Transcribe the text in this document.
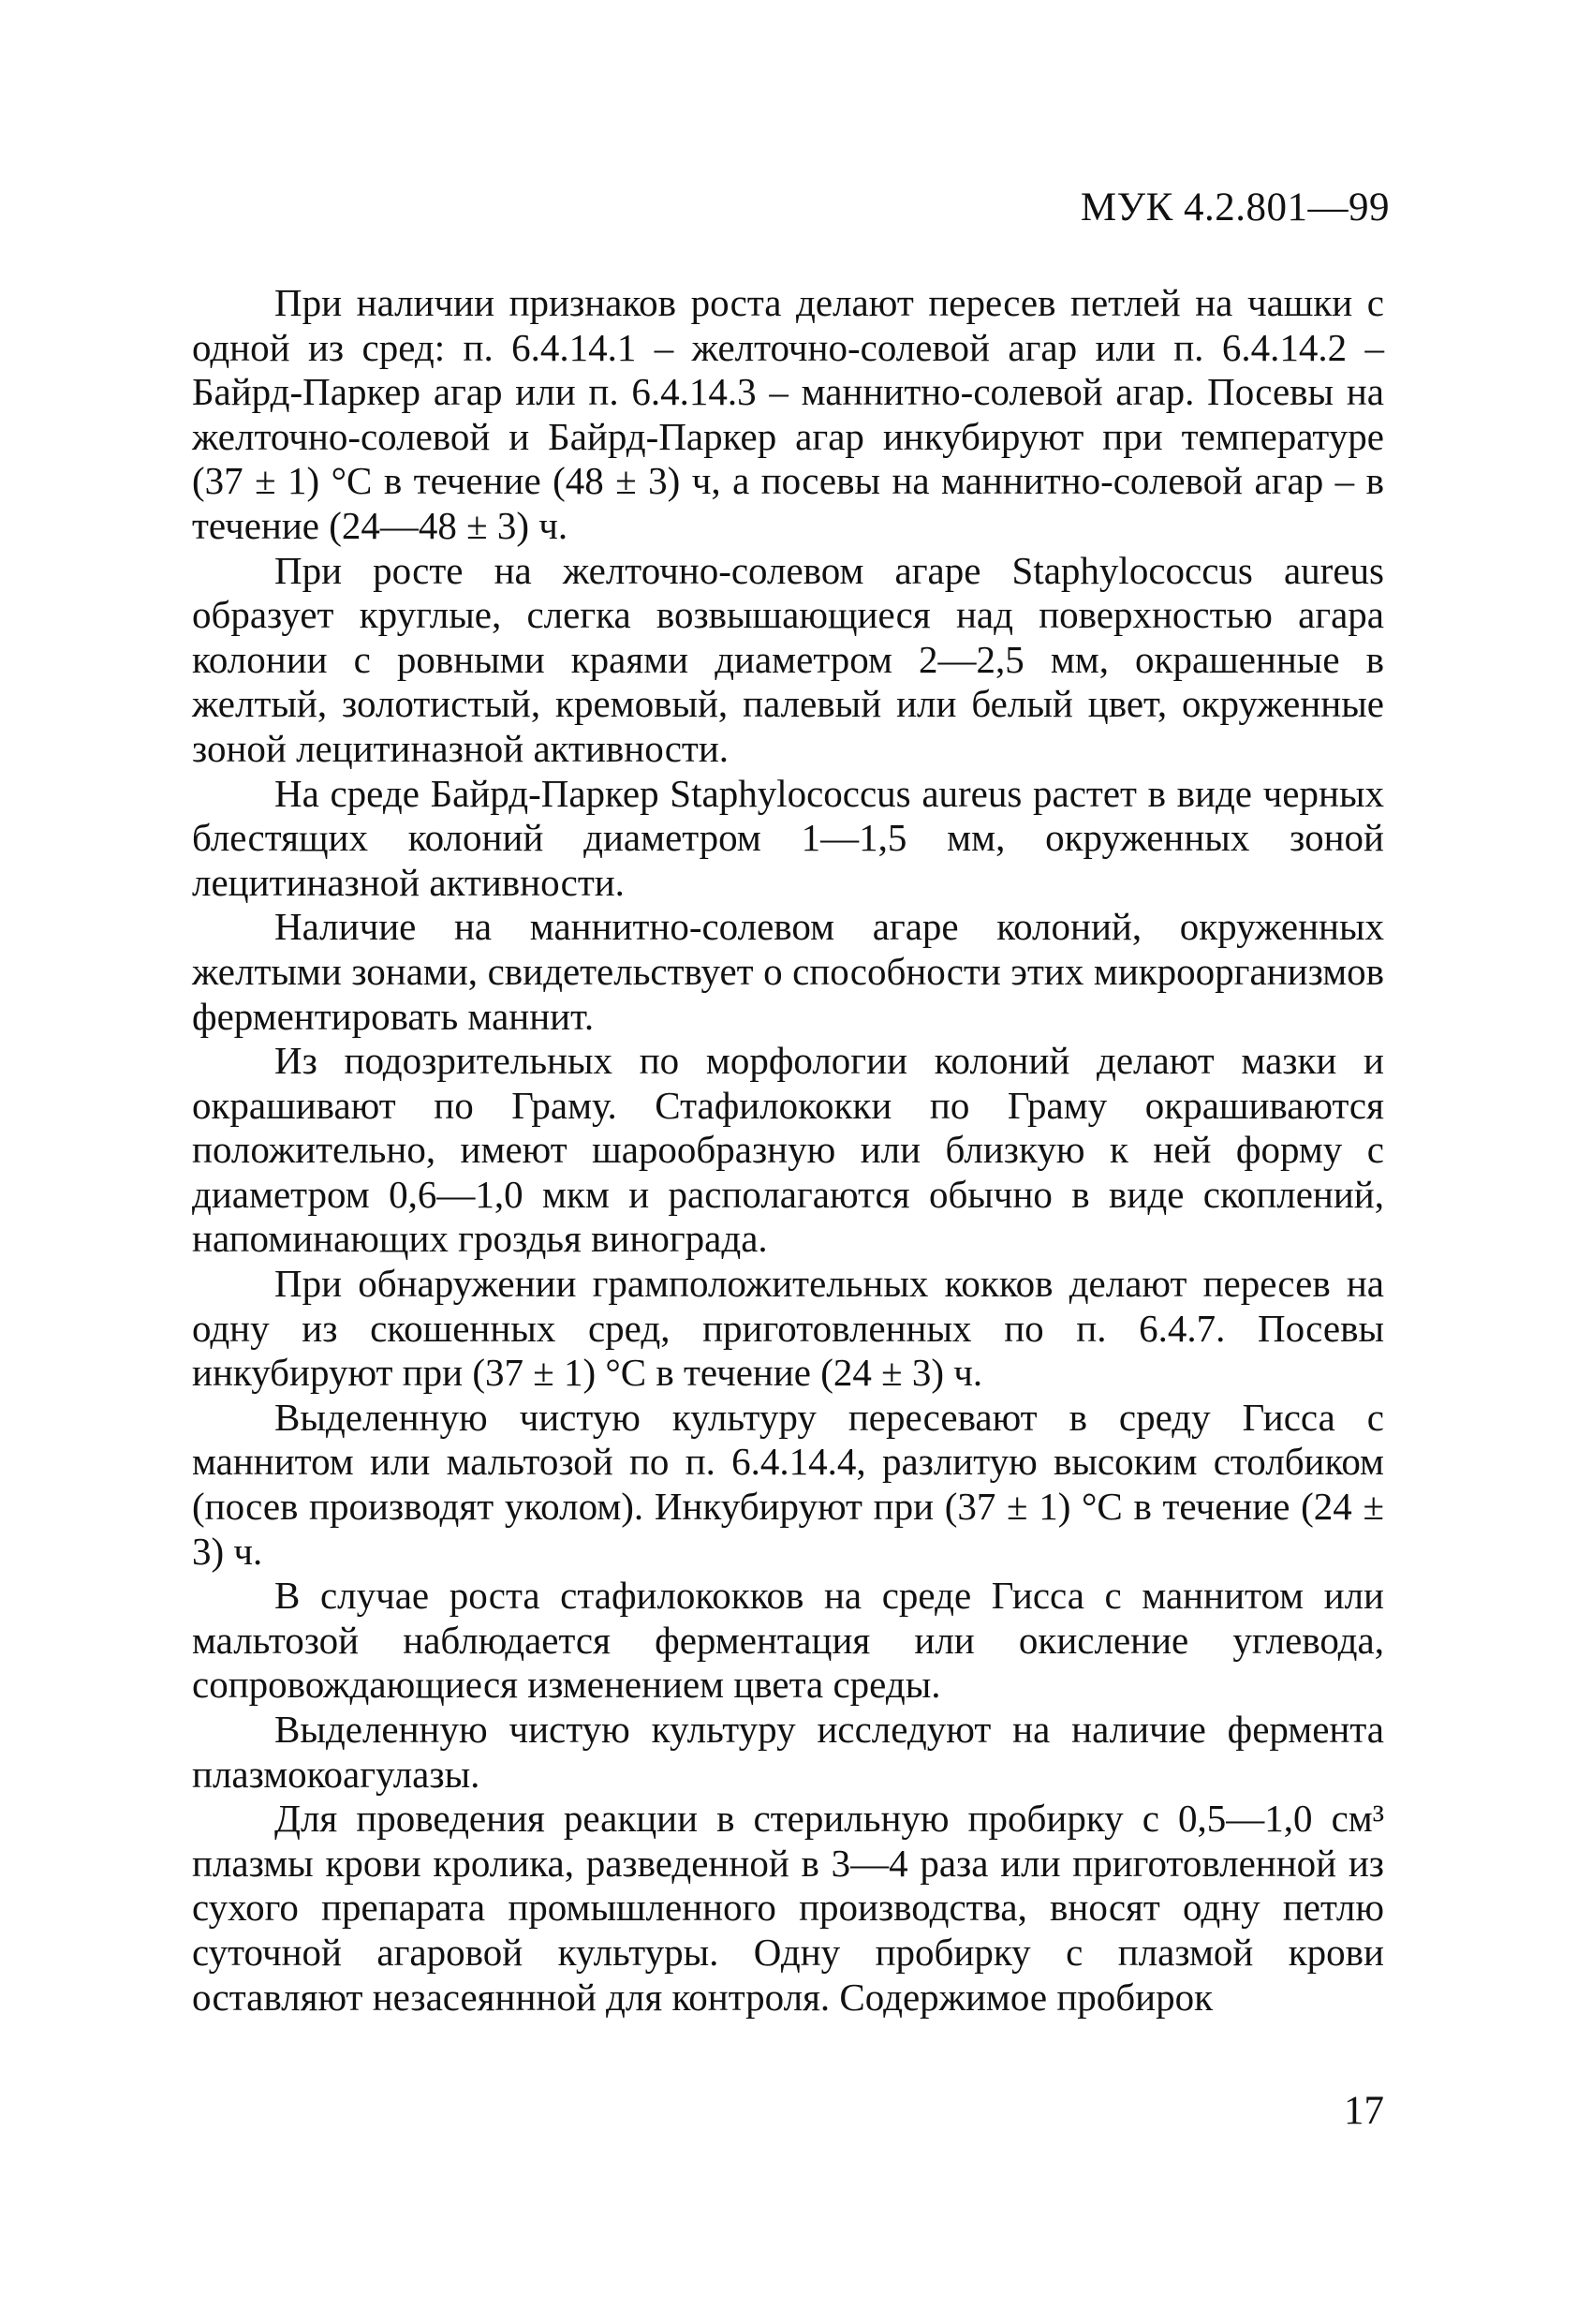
МУК 4.2.801—99

При наличии признаков роста делают пересев петлей на чашки с одной из сред: п. 6.4.14.1 – желточно-солевой агар или п. 6.4.14.2 – Байрд-Паркер агар или п. 6.4.14.3 – маннитно-солевой агар. Посевы на желточно-солевой и Байрд-Паркер агар инкубируют при температуре (37 ± 1) °С в течение (48 ± 3) ч, а посевы на маннитно-солевой агар – в течение (24—48 ± 3) ч.

При росте на желточно-солевом агаре Staphylococcus aureus образует круглые, слегка возвышающиеся над поверхностью агара колонии с ровными краями диаметром 2—2,5 мм, окрашенные в желтый, золотистый, кремовый, палевый или белый цвет, окруженные зоной лецитиназной активности.

На среде Байрд-Паркер Staphylococcus aureus растет в виде черных блестящих колоний диаметром 1—1,5 мм, окруженных зоной лецитиназной активности.

Наличие на маннитно-солевом агаре колоний, окруженных желтыми зонами, свидетельствует о способности этих микроорганизмов ферментировать маннит.

Из подозрительных по морфологии колоний делают мазки и окрашивают по Граму. Стафилококки по Граму окрашиваются положительно, имеют шарообразную или близкую к ней форму с диаметром 0,6—1,0 мкм и располагаются обычно в виде скоплений, напоминающих гроздья винограда.

При обнаружении грамположительных кокков делают пересев на одну из скошенных сред, приготовленных по п. 6.4.7. Посевы инкубируют при (37 ± 1) °С в течение (24 ± 3) ч.

Выделенную чистую культуру пересевают в среду Гисса с маннитом или мальтозой по п. 6.4.14.4, разлитую высоким столбиком (посев производят уколом). Инкубируют при (37 ± 1) °С в течение (24 ± 3) ч.

В случае роста стафилококков на среде Гисса с маннитом или мальтозой наблюдается ферментация или окисление углевода, сопровождающиеся изменением цвета среды.

Выделенную чистую культуру исследуют на наличие фермента плазмокоагулазы.

Для проведения реакции в стерильную пробирку с 0,5—1,0 см³ плазмы крови кролика, разведенной в 3—4 раза или приготовленной из сухого препарата промышленного производства, вносят одну петлю суточной агаровой культуры. Одну пробирку с плазмой крови оставляют незасеяннной для контроля. Содержимое пробирок

17
